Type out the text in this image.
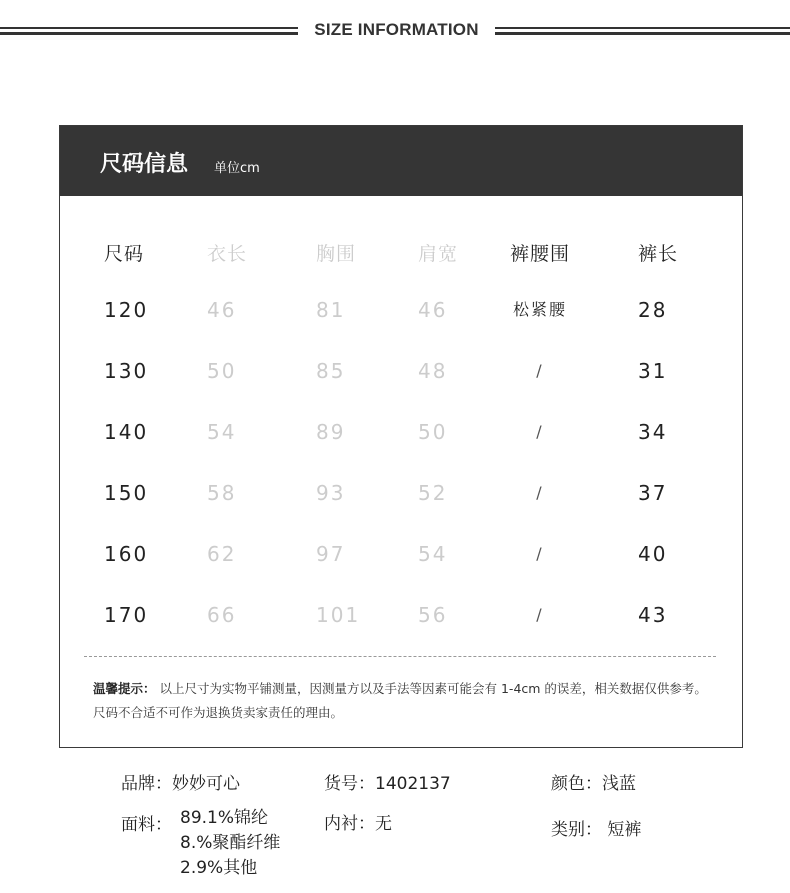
SIZE INFORMATION
尺码信息 单位cm
尺码	衣长	胸围	肩宽	裤腰围	裤长
120	46	81	46	松紧腰	28
130	50	85	48	/	31
140	54	89	50	/	34
150	58	93	52	/	37
160	62	97	54	/	40
170	66	101	56	/	43
温馨提示： 以上尺寸为实物平铺测量，因测量方以及手法等因素可能会有 1-4cm 的误差，相关数据仅供参考。尺码不合适不可作为退换货卖家责任的理由。
品牌：妙妙可心	货号：1402137	颜色：浅蓝
面料： 89.1%锦纶
8.%聚酯纤维
2.9%其他
内衬：无	类别： 短裤
